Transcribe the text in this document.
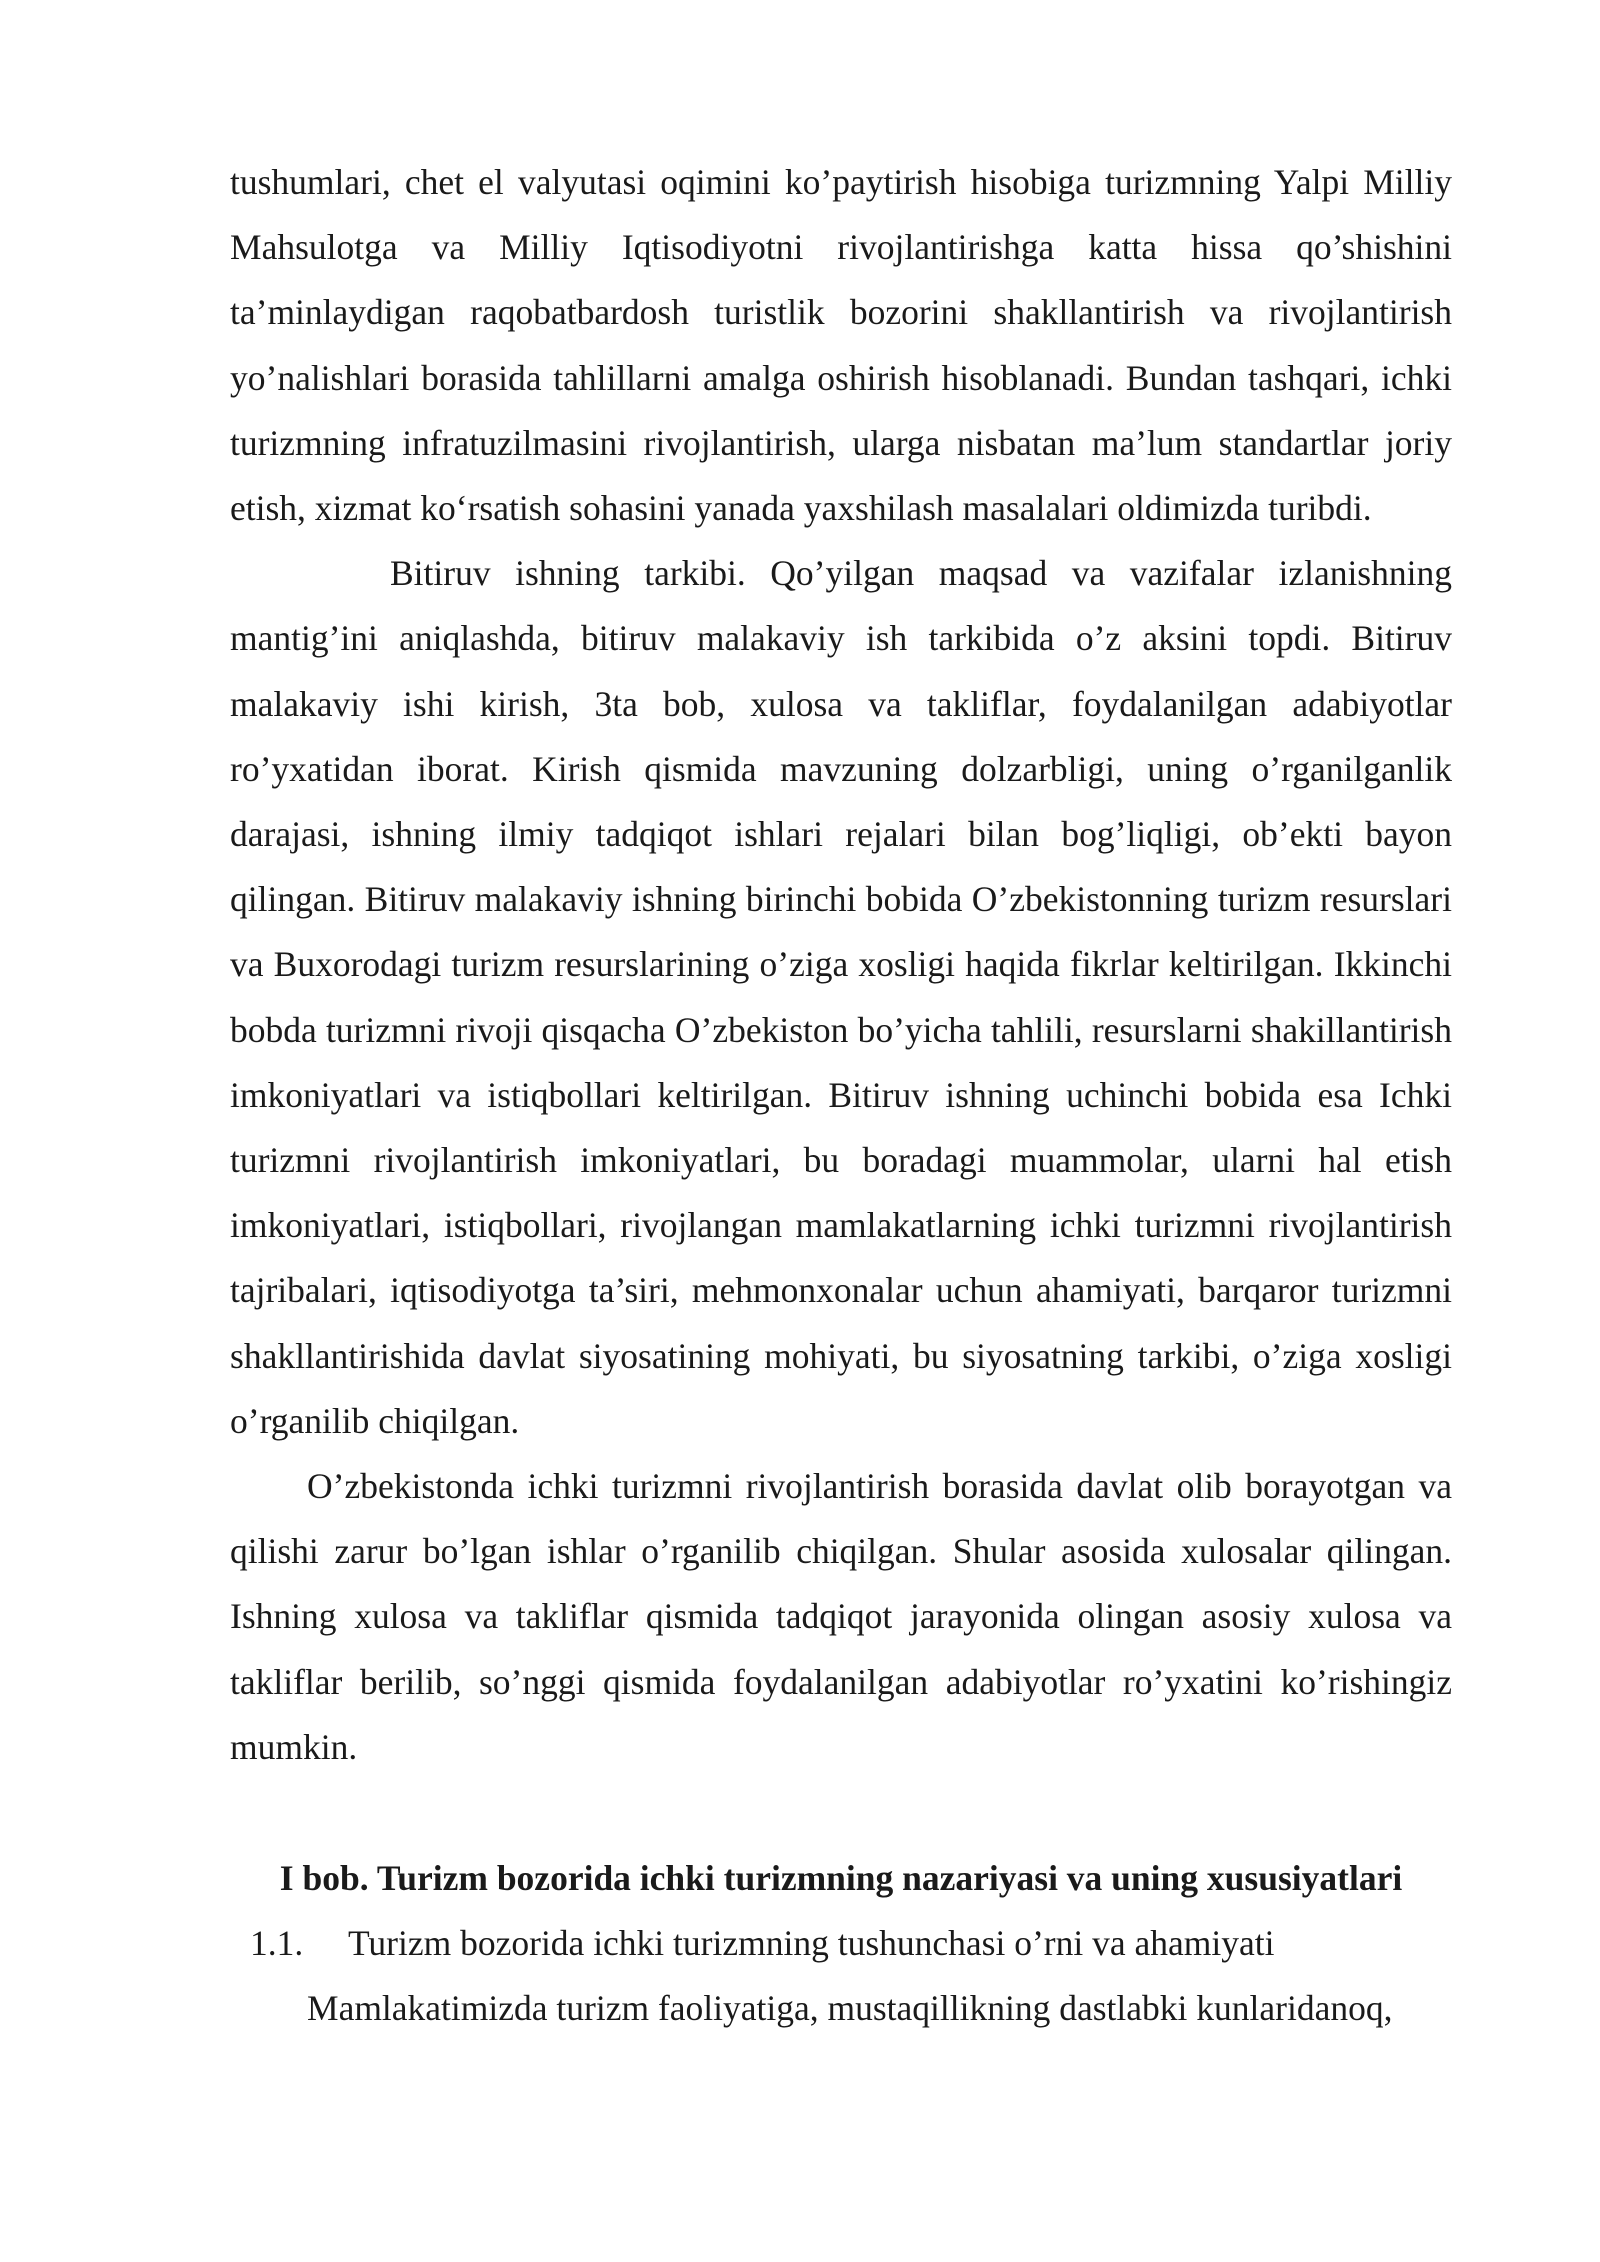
tushumlari, chet el valyutasi oqimini ko’paytirish hisobiga turizmning Yalpi Milliy Mahsulotga va Milliy Iqtisodiyotni rivojlantirishga katta hissa qo’shishini ta’minlaydigan raqobatbardosh turistlik bozorini shakllantirish va rivojlantirish yo’nalishlari borasida tahlillarni amalga oshirish hisoblanadi. Bundan tashqari, ichki turizmning infratuzilmasini rivojlantirish, ularga nisbatan ma’lum standartlar joriy etish, xizmat ko‘rsatish sohasini yanada yaxshilash masalalari oldimizda turibdi.

Bitiruv ishning tarkibi. Qo’yilgan maqsad va vazifalar izlanishning mantig’ini aniqlashda, bitiruv malakaviy ish tarkibida o’z aksini topdi. Bitiruv malakaviy ishi kirish, 3ta bob, xulosa va takliflar, foydalanilgan adabiyotlar ro’yxatidan iborat. Kirish qismida mavzuning dolzarbligi, uning o’rganilganlik darajasi, ishning ilmiy tadqiqot ishlari rejalari bilan bog’liqligi, ob’ekti bayon qilingan. Bitiruv malakaviy ishning birinchi bobida O’zbekistonning turizm resurslari va Buxorodagi turizm resurslarining o’ziga xosligi haqida fikrlar keltirilgan. Ikkinchi bobda turizmni rivoji qisqacha O’zbekiston bo’yicha tahlili, resurslarni shakillantirish imkoniyatlari va istiqbollari keltirilgan. Bitiruv ishning uchinchi bobida esa Ichki turizmni rivojlantirish imkoniyatlari, bu boradagi muammolar, ularni hal etish imkoniyatlari, istiqbollari, rivojlangan mamlakatlarning ichki turizmni rivojlantirish tajribalari, iqtisodiyotga ta’siri, mehmonxonalar uchun ahamiyati, barqaror turizmni shakllantirishida davlat siyosatining mohiyati, bu siyosatning tarkibi, o’ziga xosligi o’rganilib chiqilgan.

O’zbekistonda ichki turizmni rivojlantirish borasida davlat olib borayotgan va qilishi zarur bo’lgan ishlar o’rganilib chiqilgan. Shular asosida xulosalar qilingan. Ishning xulosa va takliflar qismida tadqiqot jarayonida olingan asosiy xulosa va takliflar berilib, so’nggi qismida foydalanilgan adabiyotlar ro’yxatini ko’rishingiz mumkin.

I bob. Turizm bozorida ichki turizmning nazariyasi va uning xususiyatlari
1.1. Turizm bozorida ichki turizmning tushunchasi o’rni va ahamiyati

Mamlakatimizda turizm faoliyatiga, mustaqillikning dastlabki kunlaridanoq,
